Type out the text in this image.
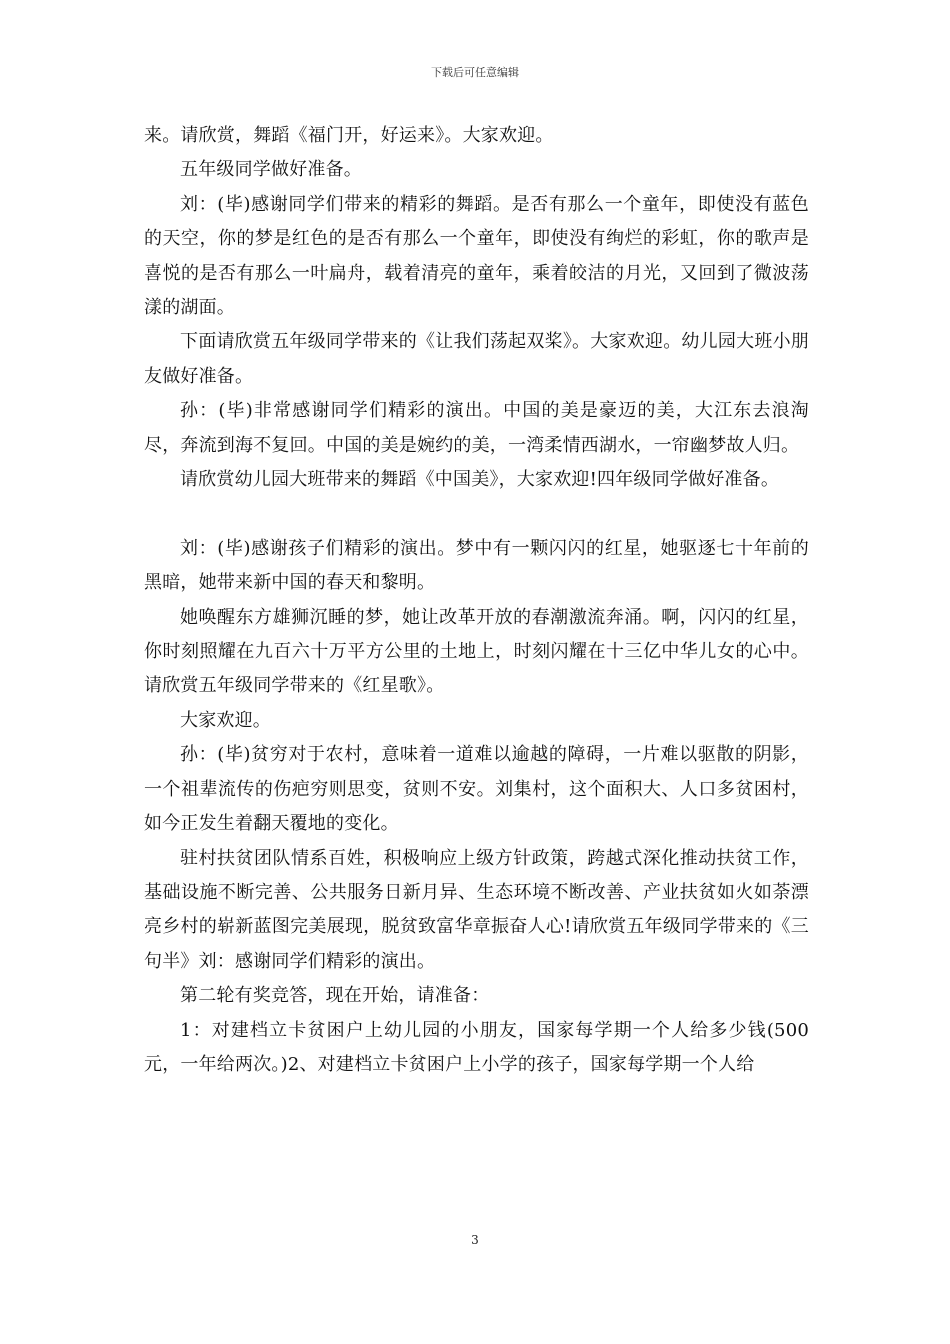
下载后可任意编辑

来。请欣赏，舞蹈《福门开，好运来》。大家欢迎。

五年级同学做好准备。

刘：(毕)感谢同学们带来的精彩的舞蹈。是否有那么一个童年，即使没有蓝色的天空，你的梦是红色的是否有那么一个童年，即使没有绚烂的彩虹，你的歌声是喜悦的是否有那么一叶扁舟，载着清亮的童年，乘着皎洁的月光，又回到了微波荡漾的湖面。

下面请欣赏五年级同学带来的《让我们荡起双桨》。大家欢迎。幼儿园大班小朋友做好准备。

孙：(毕)非常感谢同学们精彩的演出。中国的美是豪迈的美，大江东去浪淘尽，奔流到海不复回。中国的美是婉约的美，一湾柔情西湖水，一帘幽梦故人归。

请欣赏幼儿园大班带来的舞蹈《中国美》，大家欢迎!四年级同学做好准备。

刘：(毕)感谢孩子们精彩的演出。梦中有一颗闪闪的红星，她驱逐七十年前的黑暗，她带来新中国的春天和黎明。

她唤醒东方雄狮沉睡的梦，她让改革开放的春潮激流奔涌。啊，闪闪的红星，你时刻照耀在九百六十万平方公里的土地上，时刻闪耀在十三亿中华儿女的心中。请欣赏五年级同学带来的《红星歌》。

大家欢迎。

孙：(毕)贫穷对于农村，意味着一道难以逾越的障碍，一片难以驱散的阴影，一个祖辈流传的伤疤穷则思变，贫则不安。刘集村，这个面积大、人口多贫困村，如今正发生着翻天覆地的变化。

驻村扶贫团队情系百姓，积极响应上级方针政策，跨越式深化推动扶贫工作，基础设施不断完善、公共服务日新月异、生态环境不断改善、产业扶贫如火如荼漂亮乡村的崭新蓝图完美展现，脱贫致富华章振奋人心!请欣赏五年级同学带来的《三句半》刘：感谢同学们精彩的演出。

第二轮有奖竞答，现在开始，请准备：

1：对建档立卡贫困户上幼儿园的小朋友，国家每学期一个人给多少钱(500元，一年给两次。)2、对建档立卡贫困户上小学的孩子，国家每学期一个人给

3
